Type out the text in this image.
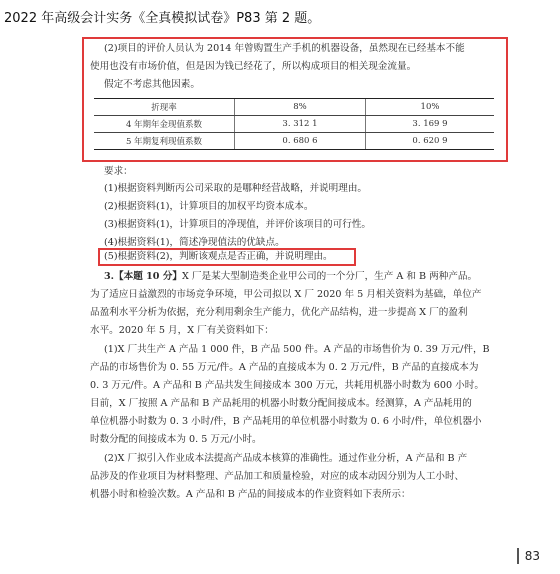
2022 年高级会计实务《全真模拟试卷》P83 第 2 题。
(2)项目的评价人员认为 2014 年曾购置生产手机的机器设备，虽然现在已经基本不能
使用也没有市场价值，但是因为钱已经花了，所以构成项目的相关现金流量。
假定不考虑其他因素。
折现率	8%	10%
4 年期年金现值系数	3. 312 1	3. 169 9
5 年期复利现值系数	0. 680 6	0. 620 9
要求：
(1)根据资料判断丙公司采取的是哪种经营战略，并说明理由。
(2)根据资料(1)，计算项目的加权平均资本成本。
(3)根据资料(1)，计算项目的净现值，并评价该项目的可行性。
(4)根据资料(1)，简述净现值法的优缺点。
(5)根据资料(2)，判断该观点是否正确，并说明理由。
3.【本题 10 分】X 厂是某大型制造类企业甲公司的一个分厂，生产 A 和 B 两种产品。
为了适应日益激烈的市场竞争环境，甲公司拟以 X 厂 2020 年 5 月相关资料为基础，单位产
品盈利水平分析为依据，充分利用剩余生产能力，优化产品结构，进一步提高 X 厂的盈利
水平。2020 年 5 月，X 厂有关资料如下：
(1)X 厂共生产 A 产品 1 000 件，B 产品 500 件。A 产品的市场售价为 0. 39 万元/件，B
产品的市场售价为 0. 55 万元/件。A 产品的直接成本为 0. 2 万元/件，B 产品的直接成本为
0. 3 万元/件。A 产品和 B 产品共发生间接成本 300 万元，共耗用机器小时数为 600 小时。
目前，X 厂按照 A 产品和 B 产品耗用的机器小时数分配间接成本。经测算，A 产品耗用的
单位机器小时数为 0. 3 小时/件，B 产品耗用的单位机器小时数为 0. 6 小时/件，单位机器小
时数分配的间接成本为 0. 5 万元/小时。
(2)X 厂拟引入作业成本法提高产品成本核算的准确性。通过作业分析，A 产品和 B 产
品涉及的作业项目为材料整理、产品加工和质量检验，对应的成本动因分别为人工小时、
机器小时和检验次数。A 产品和 B 产品的间接成本的作业资料如下表所示：
83
